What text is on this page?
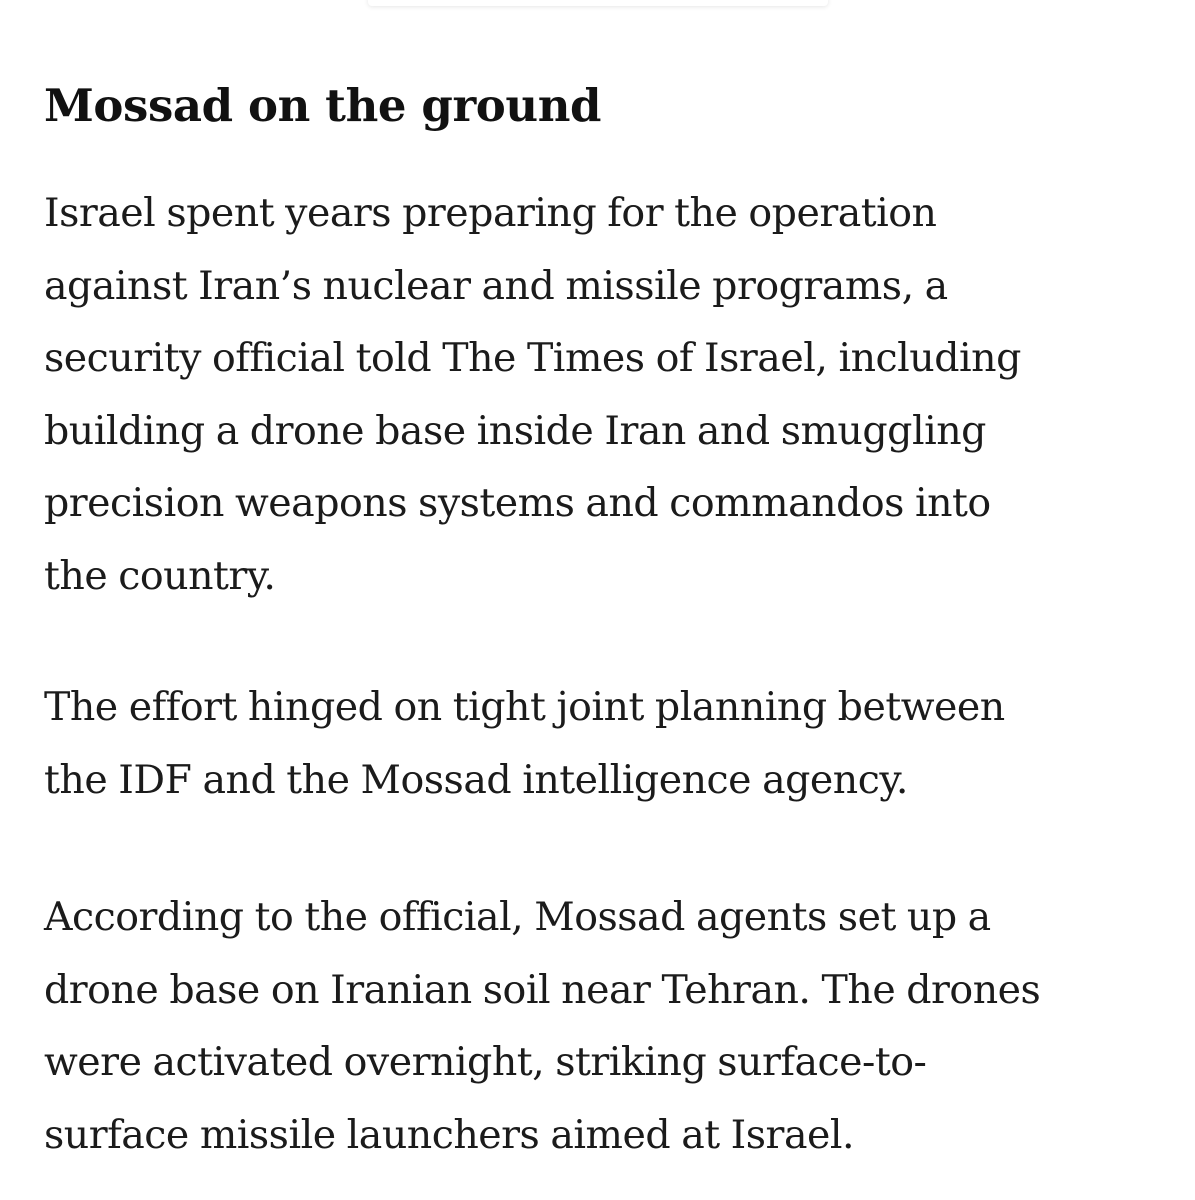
Mossad on the ground

Israel spent years preparing for the operation
against Iran’s nuclear and missile programs, a
security official told The Times of Israel, including
building a drone base inside Iran and smuggling
precision weapons systems and commandos into
the country.

The effort hinged on tight joint planning between
the IDF and the Mossad intelligence agency.

According to the official, Mossad agents set up a
drone base on Iranian soil near Tehran. The drones
were activated overnight, striking surface-to-
surface missile launchers aimed at Israel.
